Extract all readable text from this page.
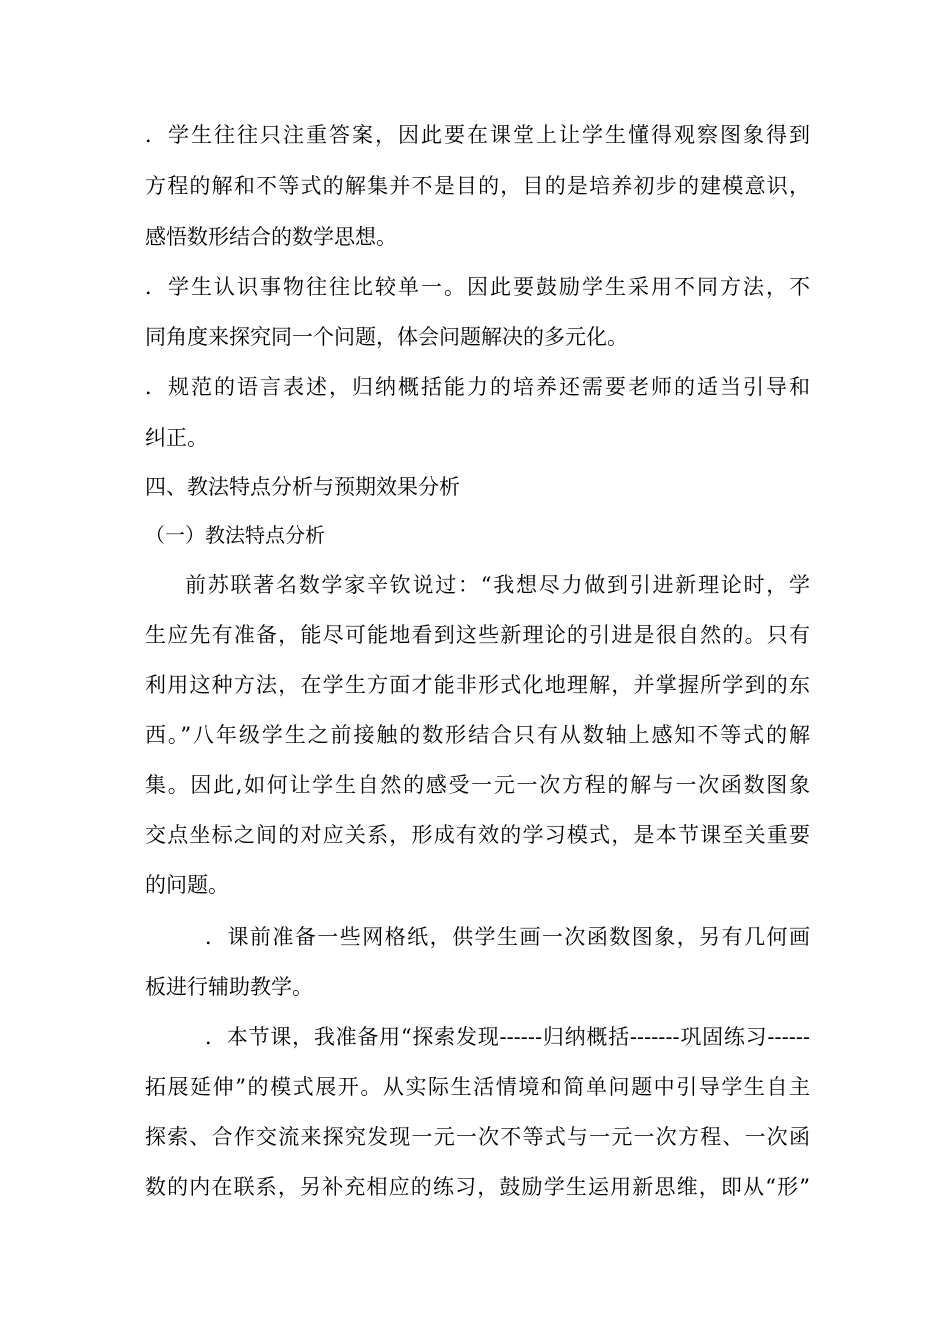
．学生往往只注重答案，因此要在课堂上让学生懂得观察图象得到
方程的解和不等式的解集并不是目的，目的是培养初步的建模意识，
感悟数形结合的数学思想。
．学生认识事物往往比较单一。因此要鼓励学生采用不同方法，不
同角度来探究同一个问题，体会问题解决的多元化。
．规范的语言表述，归纳概括能力的培养还需要老师的适当引导和
纠正。
四、教法特点分析与预期效果分析
（一）教法特点分析
前苏联著名数学家辛钦说过：“我想尽力做到引进新理论时，学
生应先有准备，能尽可能地看到这些新理论的引进是很自然的。只有
利用这种方法，在学生方面才能非形式化地理解，并掌握所学到的东
西。”八年级学生之前接触的数形结合只有从数轴上感知不等式的解
集。因此,如何让学生自然的感受一元一次方程的解与一次函数图象
交点坐标之间的对应关系，形成有效的学习模式，是本节课至关重要
的问题。
．课前准备一些网格纸，供学生画一次函数图象，另有几何画
板进行辅助教学。
．本节课，我准备用“探索发现------归纳概括-------巩固练习------
拓展延伸”的模式展开。从实际生活情境和简单问题中引导学生自主
探索、合作交流来探究发现一元一次不等式与一元一次方程、一次函
数的内在联系，另补充相应的练习，鼓励学生运用新思维，即从“形”
